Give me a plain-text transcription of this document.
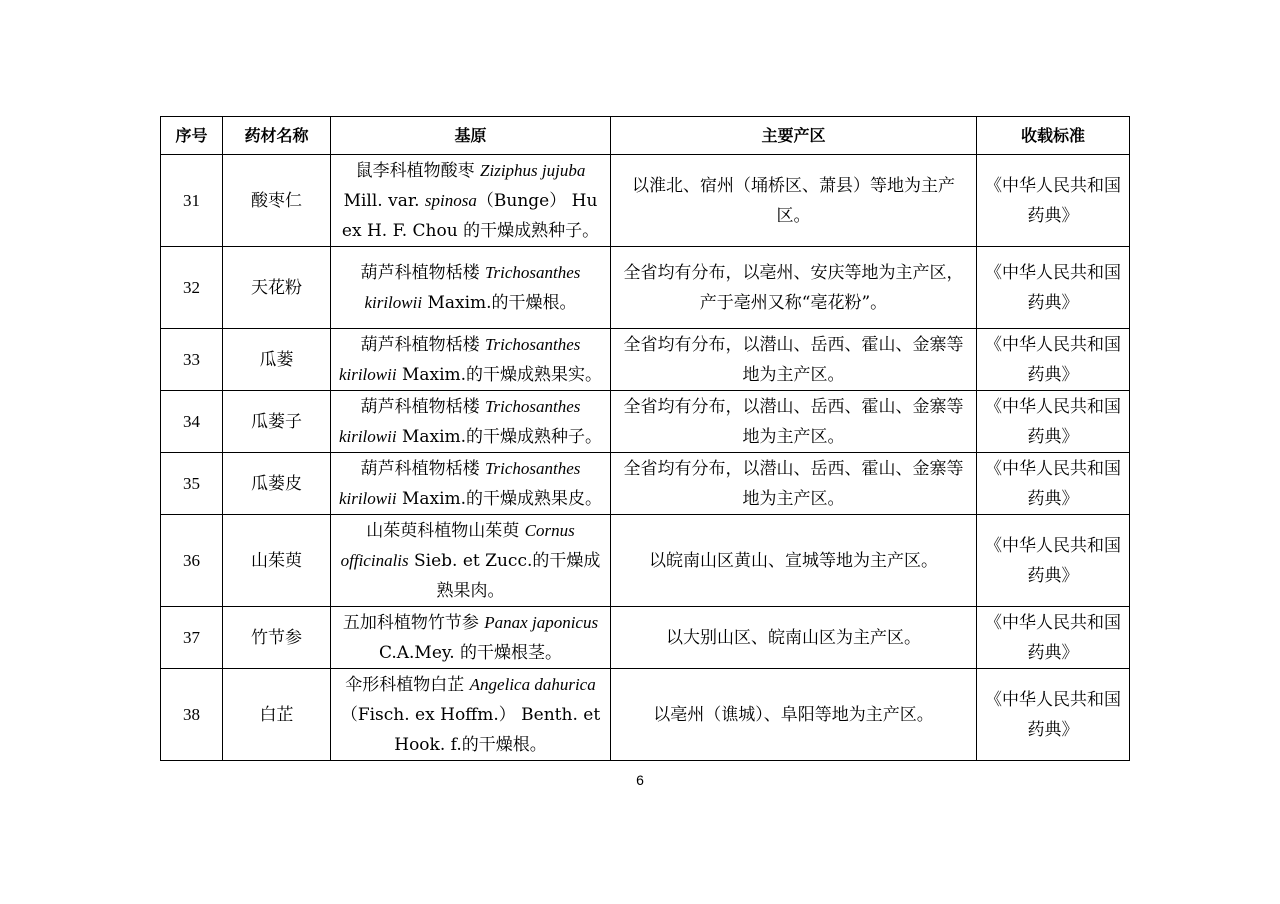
序号	药材名称	基原	主要产区	收载标准
31	酸枣仁	鼠李科植物酸枣 Ziziphus jujuba Mill. var. spinosa（Bunge） Hu ex H. F. Chou 的干燥成熟种子。	以淮北、宿州（埇桥区、萧县）等地为主产区。	《中华人民共和国药典》
32	天花粉	葫芦科植物栝楼 Trichosanthes kirilowii Maxim.的干燥根。	全省均有分布，以亳州、安庆等地为主产区，产于亳州又称“亳花粉”。	《中华人民共和国药典》
33	瓜蒌	葫芦科植物栝楼 Trichosanthes kirilowii Maxim.的干燥成熟果实。	全省均有分布，以潜山、岳西、霍山、金寨等地为主产区。	《中华人民共和国药典》
34	瓜蒌子	葫芦科植物栝楼 Trichosanthes kirilowii Maxim.的干燥成熟种子。	全省均有分布，以潜山、岳西、霍山、金寨等地为主产区。	《中华人民共和国药典》
35	瓜蒌皮	葫芦科植物栝楼 Trichosanthes kirilowii Maxim.的干燥成熟果皮。	全省均有分布，以潜山、岳西、霍山、金寨等地为主产区。	《中华人民共和国药典》
36	山茱萸	山茱萸科植物山茱萸 Cornus officinalis Sieb. et Zucc.的干燥成熟果肉。	以皖南山区黄山、宣城等地为主产区。	《中华人民共和国药典》
37	竹节参	五加科植物竹节参 Panax japonicus C.A.Mey. 的干燥根茎。	以大别山区、皖南山区为主产区。	《中华人民共和国药典》
38	白芷	伞形科植物白芷 Angelica dahurica（Fisch. ex Hoffm.） Benth. et Hook. f.的干燥根。	以亳州（谯城）、阜阳等地为主产区。	《中华人民共和国药典》
6
